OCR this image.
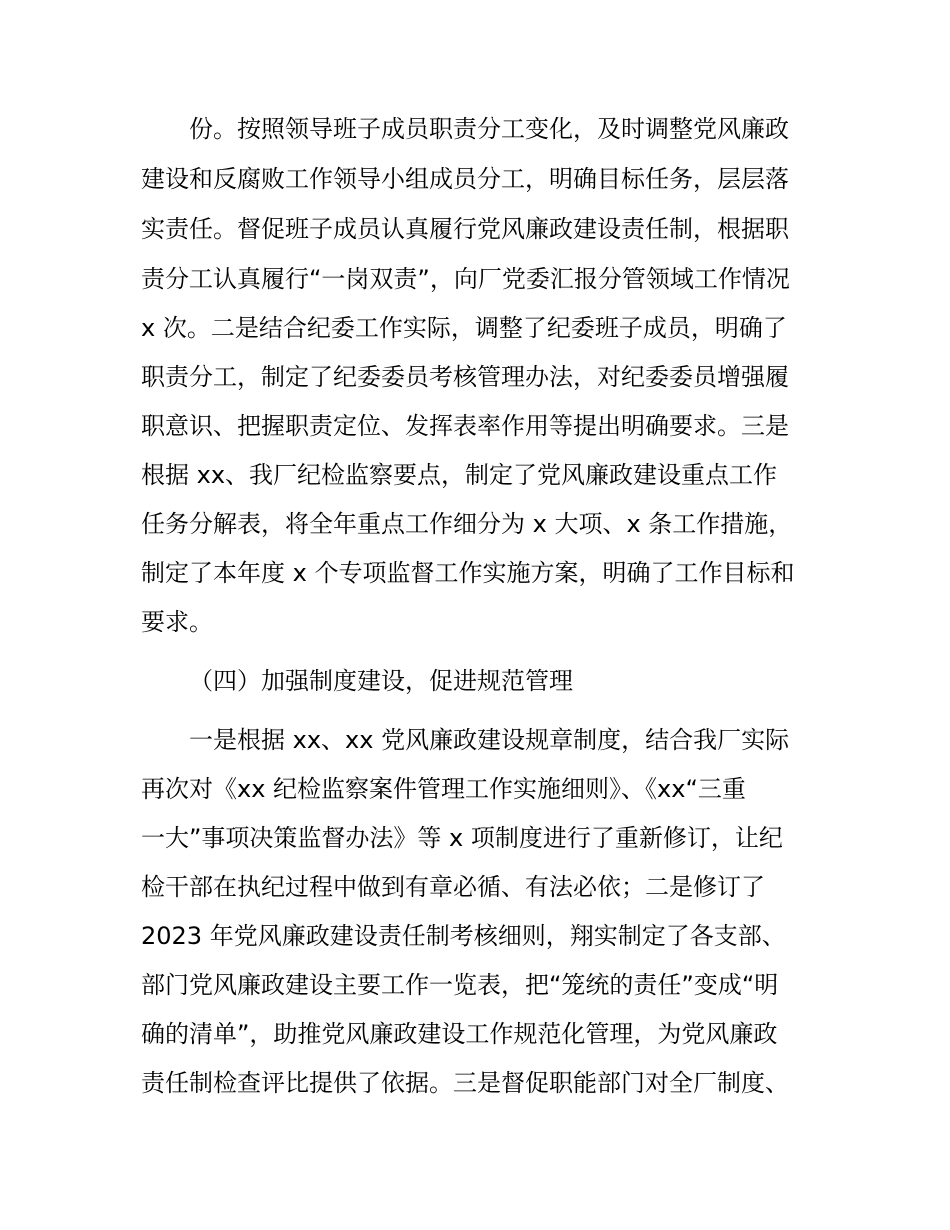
份。按照领导班子成员职责分工变化，及时调整党风廉政
建设和反腐败工作领导小组成员分工，明确目标任务，层层落
实责任。督促班子成员认真履行党风廉政建设责任制，根据职
责分工认真履行“一岗双责”，向厂党委汇报分管领域工作情况
x 次。二是结合纪委工作实际，调整了纪委班子成员，明确了
职责分工，制定了纪委委员考核管理办法，对纪委委员增强履
职意识、把握职责定位、发挥表率作用等提出明确要求。三是
根据 xx、我厂纪检监察要点，制定了党风廉政建设重点工作
任务分解表，将全年重点工作细分为 x 大项、x 条工作措施，
制定了本年度 x 个专项监督工作实施方案，明确了工作目标和
要求。
（四）加强制度建设，促进规范管理
一是根据 xx、xx 党风廉政建设规章制度，结合我厂实际
再次对《xx 纪检监察案件管理工作实施细则》、《xx“三重
一大”事项决策监督办法》等 x 项制度进行了重新修订，让纪
检干部在执纪过程中做到有章必循、有法必依；二是修订了
2023 年党风廉政建设责任制考核细则，翔实制定了各支部、
部门党风廉政建设主要工作一览表，把“笼统的责任”变成“明
确的清单”，助推党风廉政建设工作规范化管理，为党风廉政
责任制检查评比提供了依据。三是督促职能部门对全厂制度、
